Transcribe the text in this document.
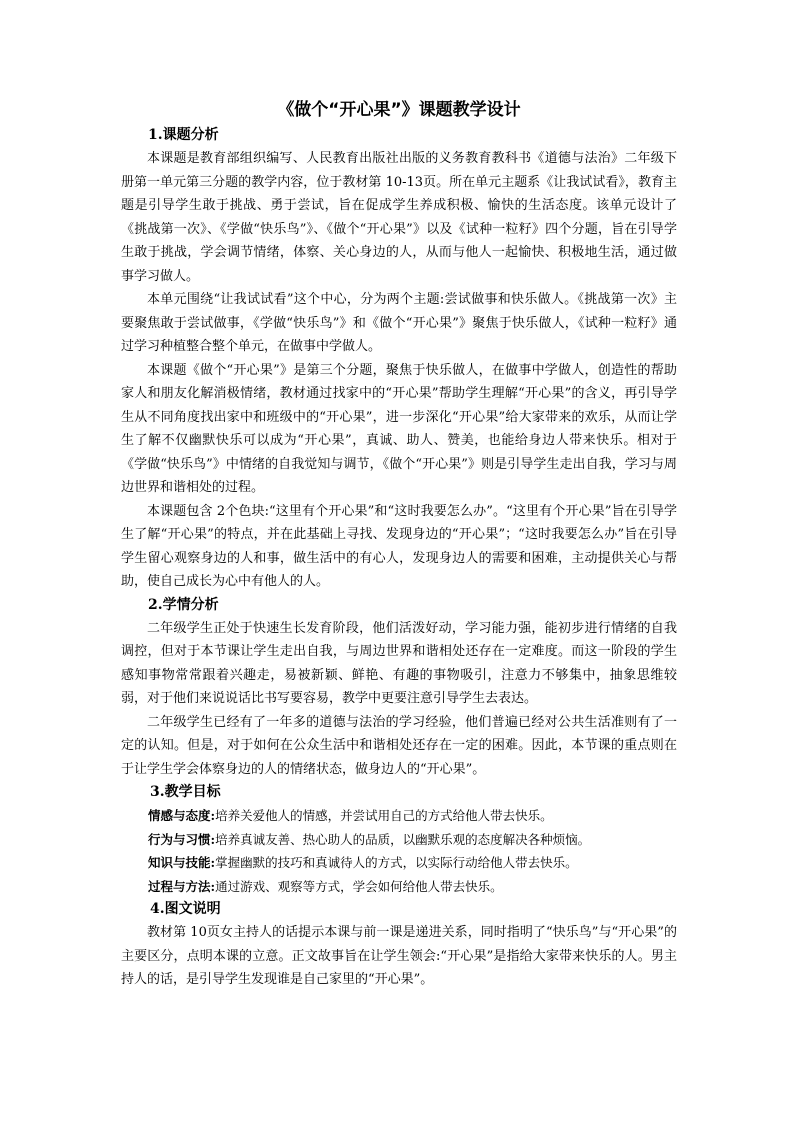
《做个“开心果”》课题教学设计
1.课题分析

本课题是教育部组织编写、人民教育出版社出版的义务教育教科书《道德与法治》二年级下册第一单元第三分题的教学内容，位于教材第 10-13页。所在单元主题系《让我试试看》，教育主题是引导学生敢于挑战、勇于尝试，旨在促成学生养成积极、愉快的生活态度。该单元设计了《挑战第一次》、《学做“快乐鸟”》、《做个“开心果”》以及《试种一粒籽》四个分题，旨在引导学生敢于挑战，学会调节情绪，体察、关心身边的人，从而与他人一起愉快、积极地生活，通过做事学习做人。

本单元围绕“让我试试看”这个中心，分为两个主题:尝试做事和快乐做人。《挑战第一次》主要聚焦敢于尝试做事，《学做“快乐鸟”》和《做个“开心果”》聚焦于快乐做人，《试种一粒籽》通过学习种植整合整个单元，在做事中学做人。

本课题《做个“开心果”》是第三个分题，聚焦于快乐做人，在做事中学做人，创造性的帮助家人和朋友化解消极情绪，教材通过找家中的“开心果”帮助学生理解“开心果”的含义，再引导学生从不同角度找出家中和班级中的“开心果”，进一步深化“开心果”给大家带来的欢乐，从而让学生了解不仅幽默快乐可以成为“开心果”，真诚、助人、赞美，也能给身边人带来快乐。相对于《学做“快乐鸟”》中情绪的自我觉知与调节，《做个“开心果”》则是引导学生走出自我，学习与周边世界和谐相处的过程。

本课题包含 2个色块:“这里有个开心果”和“这时我要怎么办”。“这里有个开心果”旨在引导学生了解“开心果”的特点，并在此基础上寻找、发现身边的“开心果”；“这时我要怎么办”旨在引导学生留心观察身边的人和事，做生活中的有心人，发现身边人的需要和困难，主动提供关心与帮助，使自己成长为心中有他人的人。

2.学情分析

二年级学生正处于快速生长发育阶段，他们活泼好动，学习能力强，能初步进行情绪的自我调控，但对于本节课让学生走出自我，与周边世界和谐相处还存在一定难度。而这一阶段的学生感知事物常常跟着兴趣走，易被新颖、鲜艳、有趣的事物吸引，注意力不够集中，抽象思维较弱，对于他们来说说话比书写要容易，教学中更要注意引导学生去表达。

二年级学生已经有了一年多的道德与法治的学习经验，他们普遍已经对公共生活准则有了一定的认知。但是，对于如何在公众生活中和谐相处还存在一定的困难。因此，本节课的重点则在于让学生学会体察身边的人的情绪状态，做身边人的“开心果”。

3.教学目标
情感与态度:培养关爱他人的情感，并尝试用自己的方式给他人带去快乐。
行为与习惯:培养真诚友善、热心助人的品质，以幽默乐观的态度解决各种烦恼。
知识与技能:掌握幽默的技巧和真诚待人的方式，以实际行动给他人带去快乐。
过程与方法:通过游戏、观察等方式，学会如何给他人带去快乐。
4.图文说明

教材第 10页女主持人的话提示本课与前一课是递进关系，同时指明了“快乐鸟”与“开心果”的主要区分，点明本课的立意。正文故事旨在让学生领会:“开心果”是指给大家带来快乐的人。男主持人的话，是引导学生发现谁是自己家里的“开心果”。
